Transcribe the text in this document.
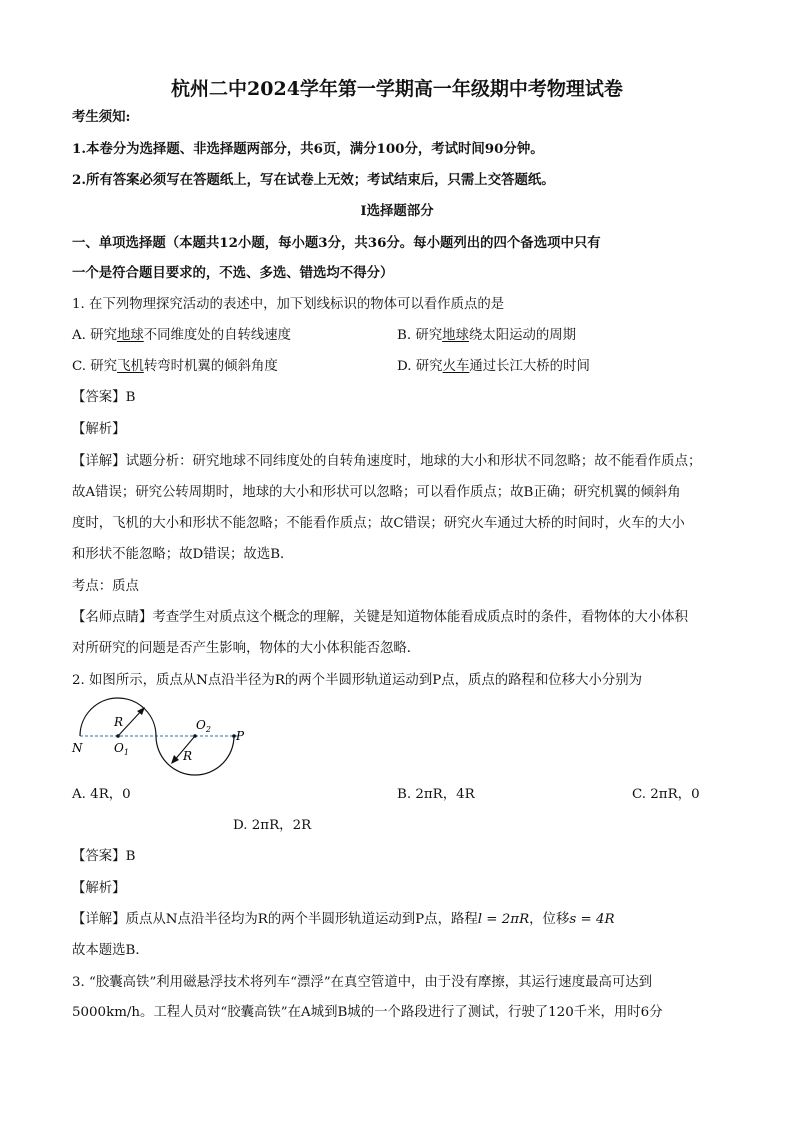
杭州二中2024学年第一学期高一年级期中考物理试卷
考生须知:
1.本卷分为选择题、非选择题两部分，共6页，满分100分，考试时间90分钟。
2.所有答案必须写在答题纸上，写在试卷上无效；考试结束后，只需上交答题纸。
Ⅰ选择题部分
一、单项选择题（本题共12小题，每小题3分，共36分。每小题列出的四个备选项中只有
一个是符合题目要求的，不选、多选、错选均不得分）
1. 在下列物理探究活动的表述中，加下划线标识的物体可以看作质点的是
A. 研究地球不同维度处的自转线速度	B. 研究地球绕太阳运动的周期
C. 研究飞机转弯时机翼的倾斜角度	D. 研究火车通过长江大桥的时间
【答案】B
【解析】
【详解】试题分析：研究地球不同纬度处的自转角速度时，地球的大小和形状不同忽略；故不能看作质点；
故A错误；研究公转周期时，地球的大小和形状可以忽略；可以看作质点；故B正确；研究机翼的倾斜角
度时，飞机的大小和形状不能忽略；不能看作质点；故C错误；研究火车通过大桥的时间时，火车的大小
和形状不能忽略；故D错误；故选B．
考点：质点
【名师点睛】考查学生对质点这个概念的理解，关键是知道物体能看成质点时的条件，看物体的大小体积
对所研究的问题是否产生影响，物体的大小体积能否忽略．
2. 如图所示，质点从N点沿半径为R的两个半圆形轨道运动到P点，质点的路程和位移大小分别为
N	$O_1$
$O_2$ P
R
R
A. 4R，0	B. 2πR，4R	C. 2πR，0
D. 2πR，2R
【答案】B
【解析】
【详解】质点从N点沿半径均为R的两个半圆形轨道运动到P点，路程l = 2πR，位移s = 4R
故本题选B．
3. “胶囊高铁”利用磁悬浮技术将列车“漂浮”在真空管道中，由于没有摩擦，其运行速度最高可达到
5000km/h。工程人员对“胶囊高铁”在A城到B城的一个路段进行了测试，行驶了120千米，用时6分
